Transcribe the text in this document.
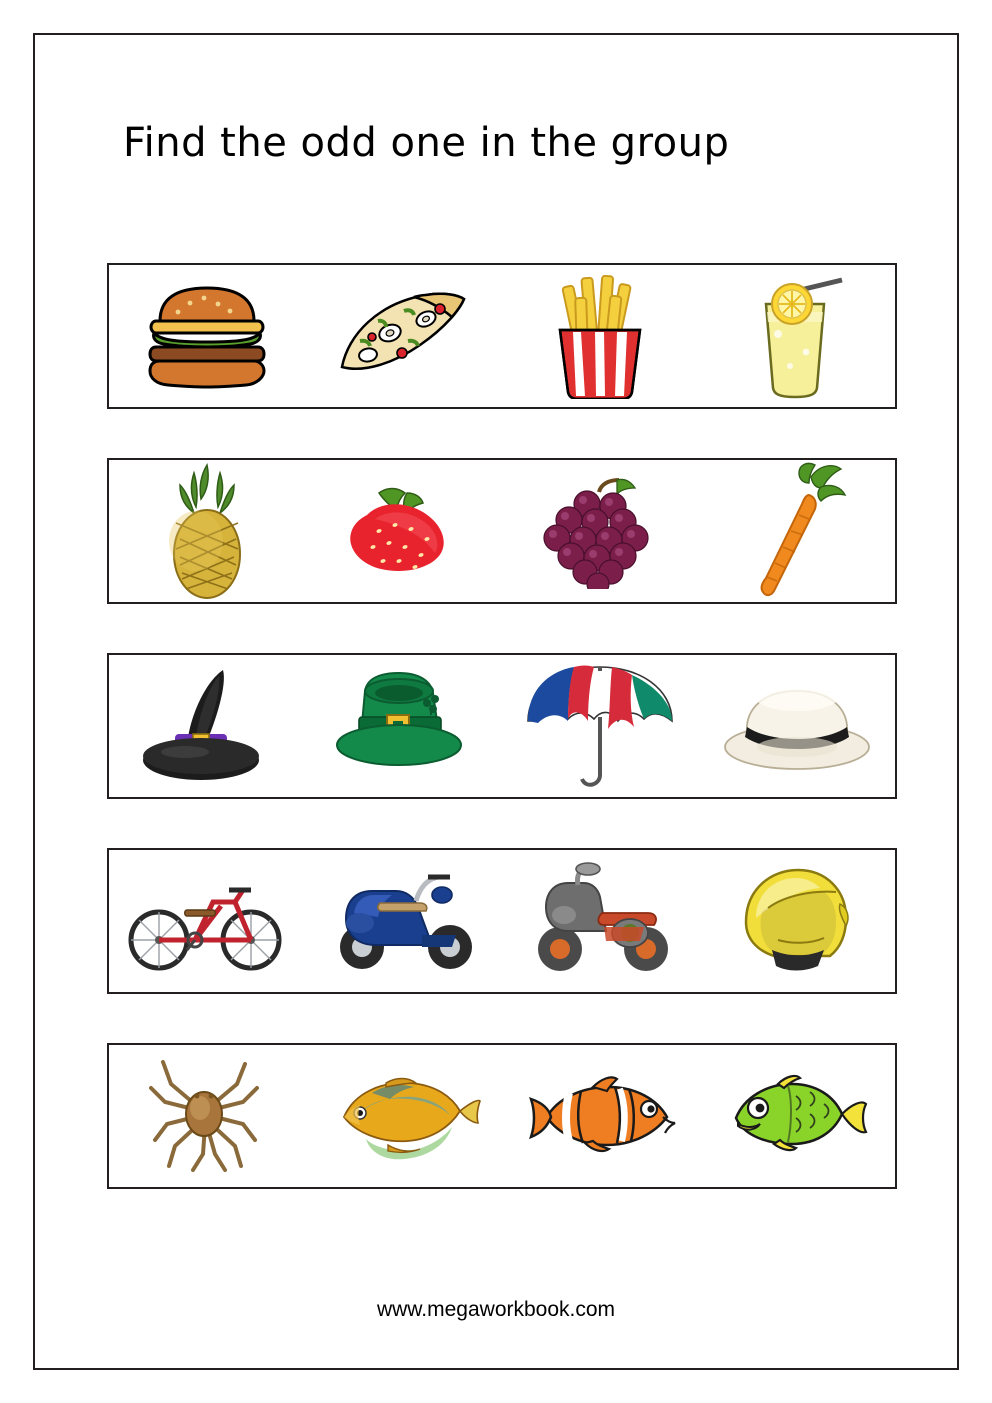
Find the odd one in the group
www.megaworkbook.com
